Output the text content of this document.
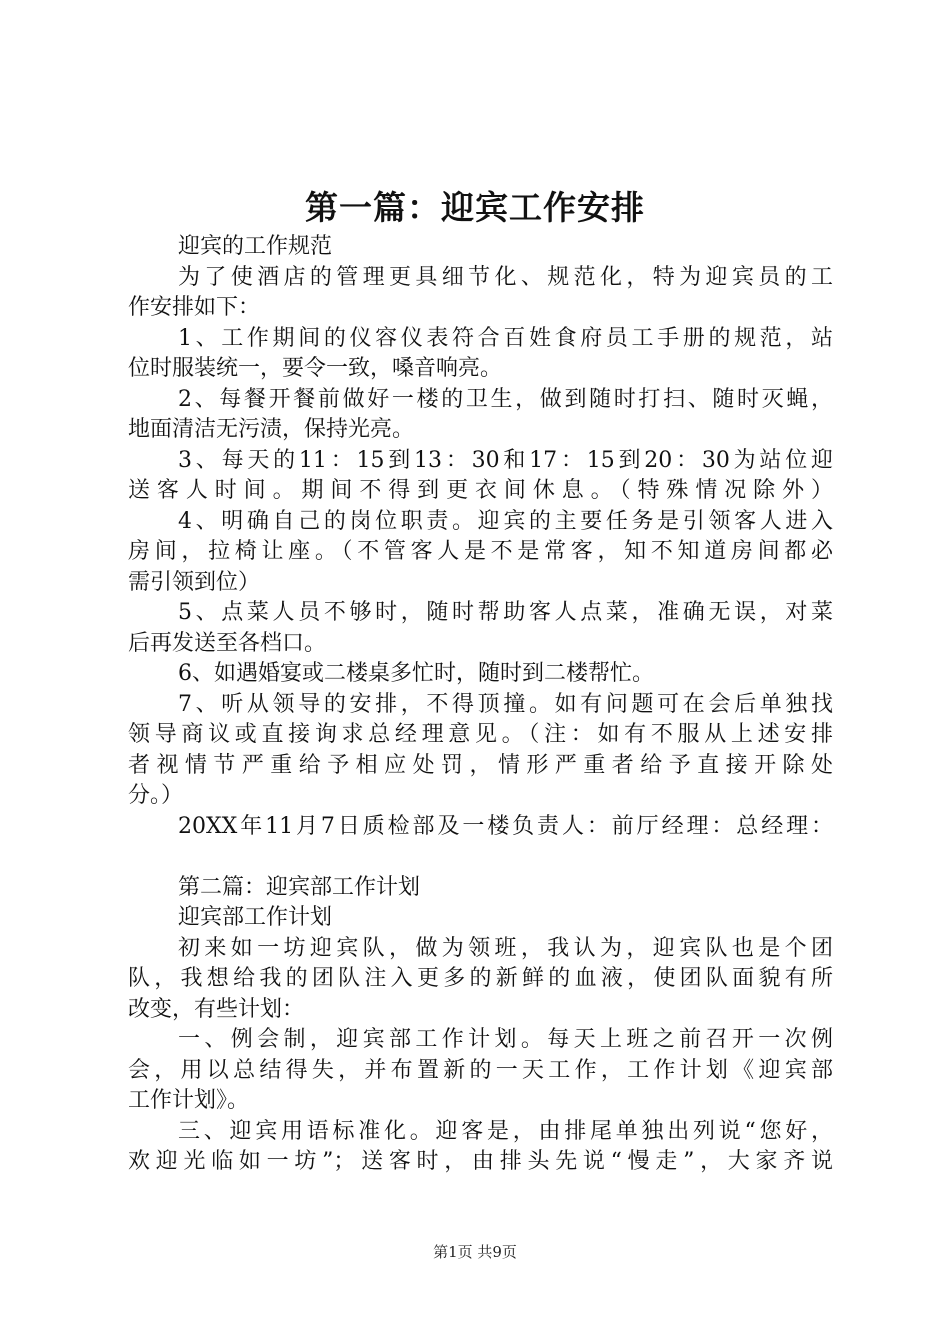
第一篇：迎宾工作安排
迎宾的工作规范
为了使酒店的管理更具细节化、规范化，特为迎宾员的工
作安排如下：
1、工作期间的仪容仪表符合百姓食府员工手册的规范，站
位时服装统一，要令一致，嗓音响亮。
2、每餐开餐前做好一楼的卫生，做到随时打扫、随时灭蝇，
地面清洁无污渍，保持光亮。
3、每天的11：15到13：30和17：15到20：30为站位迎
送客人时间。期间不得到更衣间休息。（特殊情况除外）
4、明确自己的岗位职责。迎宾的主要任务是引领客人进入
房间，拉椅让座。（不管客人是不是常客，知不知道房间都必
需引领到位）
5、点菜人员不够时，随时帮助客人点菜，准确无误，对菜
后再发送至各档口。
6、如遇婚宴或二楼桌多忙时，随时到二楼帮忙。
7、听从领导的安排，不得顶撞。如有问题可在会后单独找
领导商议或直接询求总经理意见。（注：如有不服从上述安排
者视情节严重给予相应处罚，情形严重者给予直接开除处
分。）
20XX年11月7日质检部及一楼负责人：前厅经理：总经理：
第二篇：迎宾部工作计划
迎宾部工作计划
初来如一坊迎宾队，做为领班，我认为，迎宾队也是个团
队，我想给我的团队注入更多的新鲜的血液，使团队面貌有所
改变，有些计划：
一、例会制，迎宾部工作计划。每天上班之前召开一次例
会，用以总结得失，并布置新的一天工作，工作计划《迎宾部
工作计划》。
三、迎宾用语标准化。迎客是，由排尾单独出列说“您好，
欢迎光临如一坊”；送客时，由排头先说“慢走”，大家齐说
第1页 共9页
